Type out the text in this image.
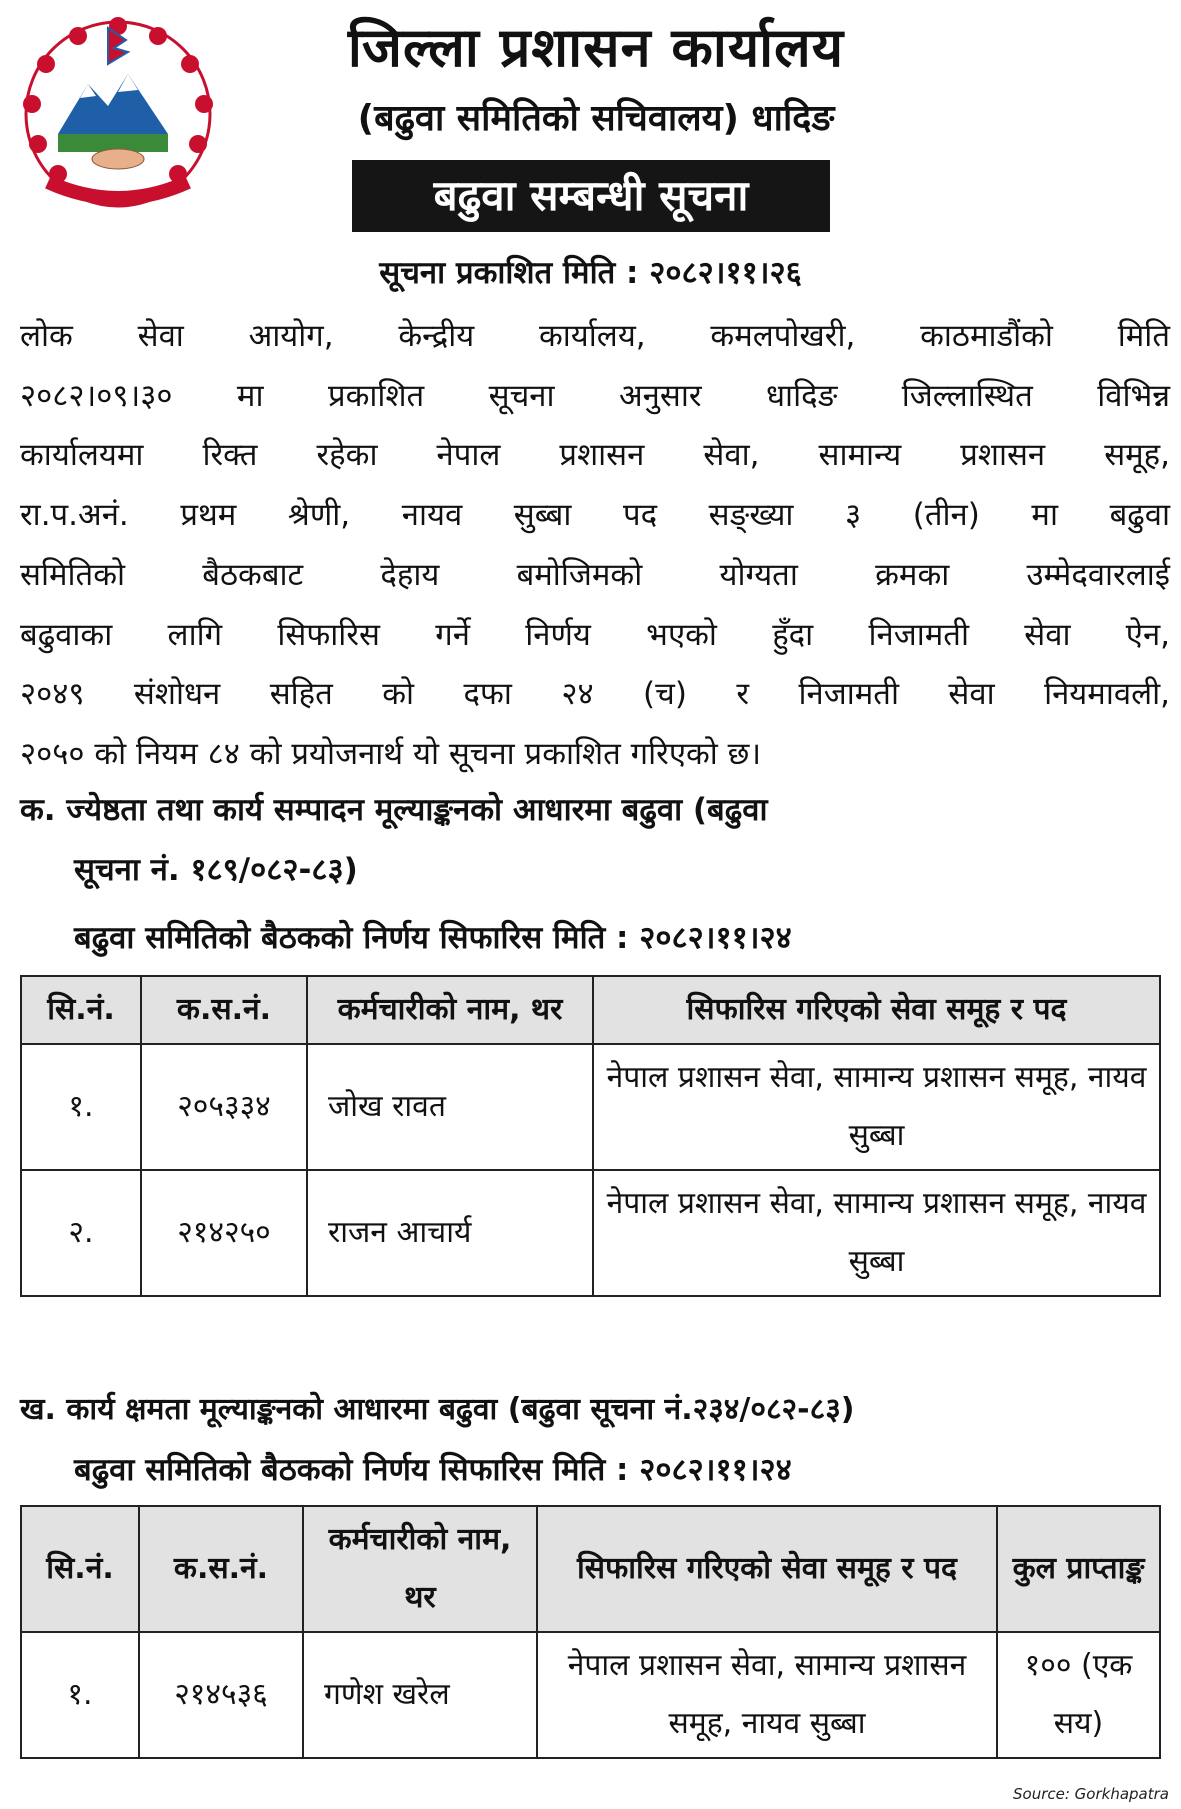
जिल्ला प्रशासन कार्यालय
(बढुवा समितिको सचिवालय) धादिङ
बढुवा सम्बन्धी सूचना
सूचना प्रकाशित मिति : २०८२।११।२६
लोक सेवा आयोग, केन्द्रीय कार्यालय, कमलपोखरी, काठमाडौंको मिति
२०८२।०९।३० मा प्रकाशित सूचना अनुसार धादिङ जिल्लास्थित विभिन्न
कार्यालयमा रिक्त रहेका नेपाल प्रशासन सेवा, सामान्य प्रशासन समूह,
रा.प.अनं. प्रथम श्रेणी, नायव सुब्बा पद सङ्ख्या ३ (तीन) मा बढुवा
समितिको बैठकबाट देहाय बमोजिमको योग्यता क्रमका उम्मेदवारलाई
बढुवाका लागि सिफारिस गर्ने निर्णय भएको हुँदा निजामती सेवा ऐन,
२०४९ संशोधन सहित को दफा २४ (च) र निजामती सेवा नियमावली,
२०५० को नियम ८४ को प्रयोजनार्थ यो सूचना प्रकाशित गरिएको छ।
क. ज्येष्ठता तथा कार्य सम्पादन मूल्याङ्कनको आधारमा बढुवा (बढुवा
सूचना नं. १८९/०८२-८३)
बढुवा समितिको बैठकको निर्णय सिफारिस मिति : २०८२।११।२४
सि.नं.	क.स.नं.	कर्मचारीको नाम, थर	सिफारिस गरिएको सेवा समूह र पद
१.	२०५३३४	जोख रावत	नेपाल प्रशासन सेवा, सामान्य प्रशासन समूह, नायव सुब्बा
२.	२१४२५०	राजन आचार्य	नेपाल प्रशासन सेवा, सामान्य प्रशासन समूह, नायव सुब्बा
ख. कार्य क्षमता मूल्याङ्कनको आधारमा बढुवा (बढुवा सूचना नं.२३४/०८२-८३)
बढुवा समितिको बैठकको निर्णय सिफारिस मिति : २०८२।११।२४
सि.नं.	क.स.नं.	कर्मचारीको नाम, थर	सिफारिस गरिएको सेवा समूह र पद	कुल प्राप्ताङ्क
१.	२१४५३६	गणेश खरेल	नेपाल प्रशासन सेवा, सामान्य प्रशासन समूह, नायव सुब्बा	१०० (एक सय)
Source: Gorkhapatra
